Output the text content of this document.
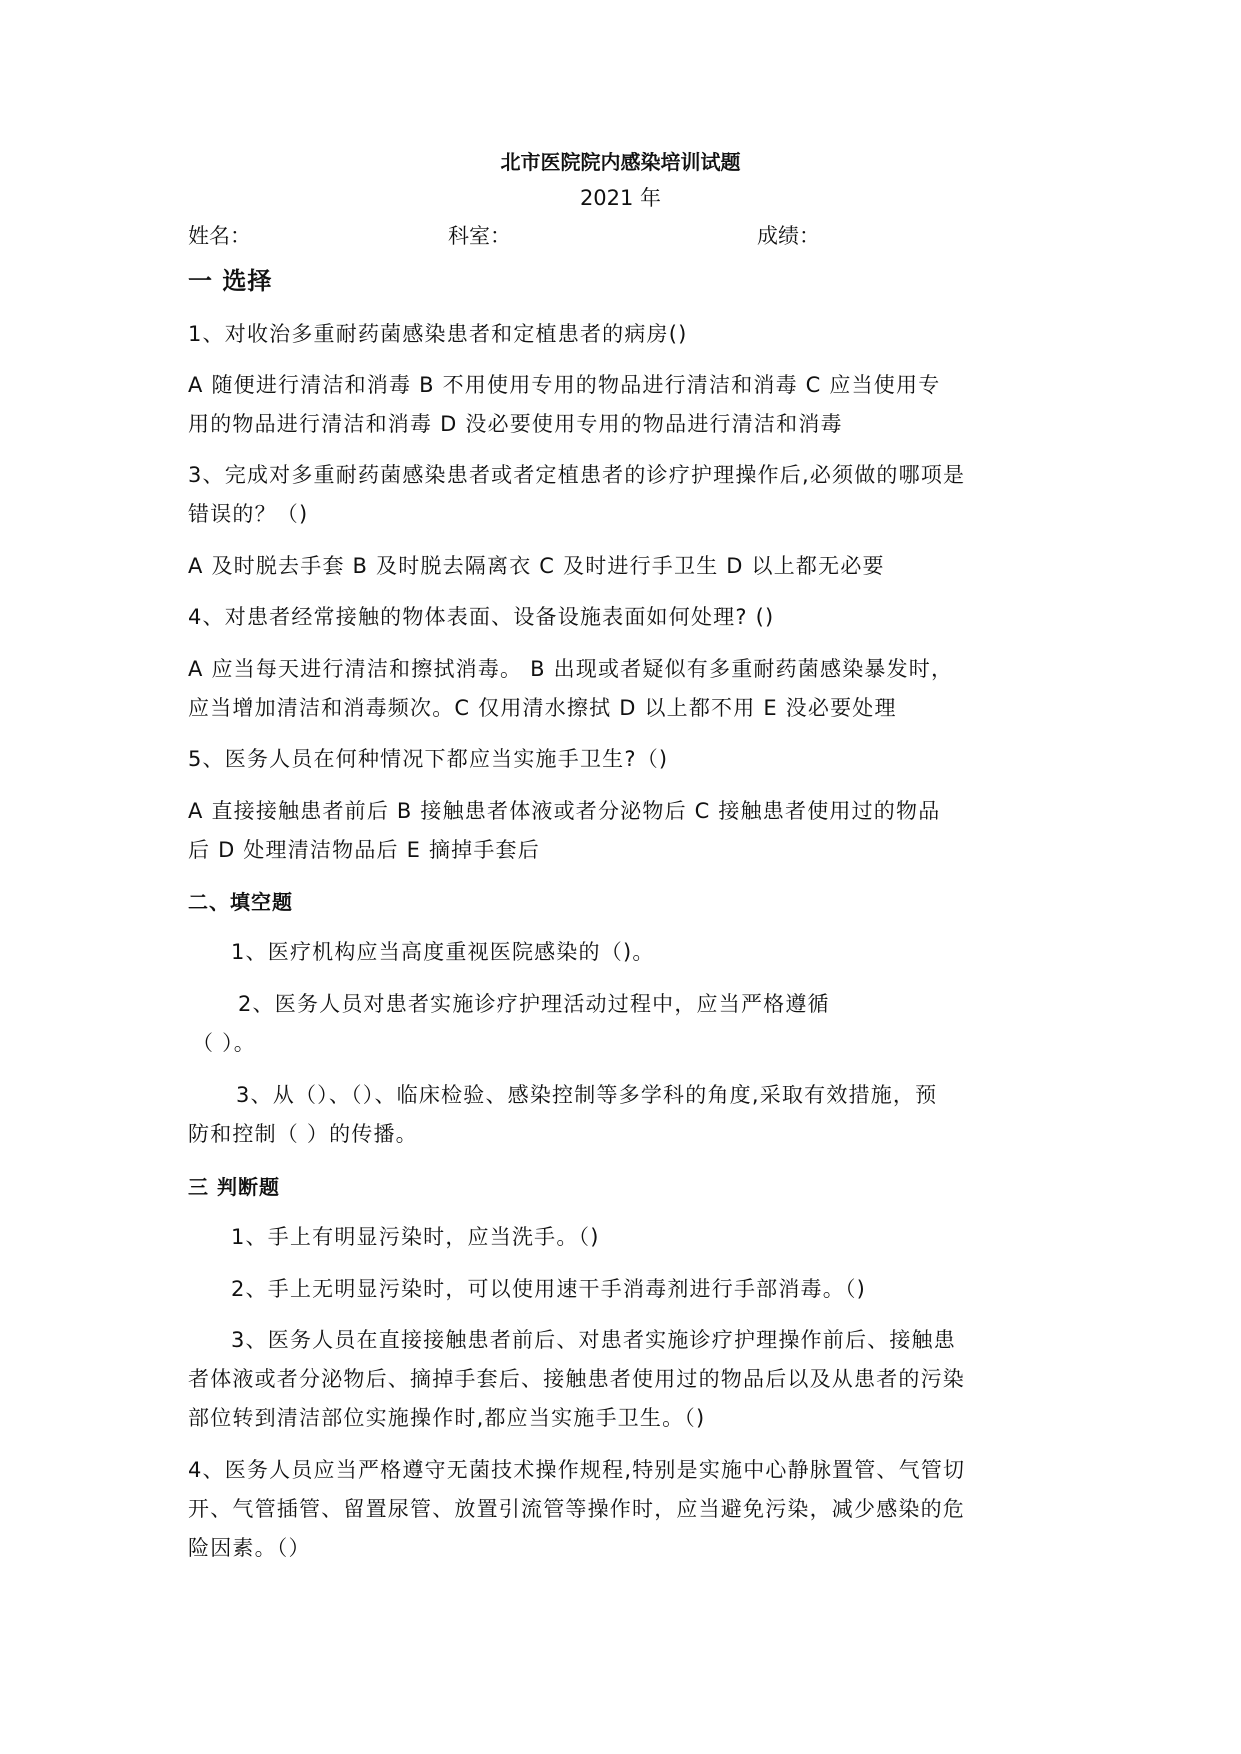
北市医院院内感染培训试题
2021 年
姓名：	科室：	成绩：
一 选择
1、对收治多重耐药菌感染患者和定植患者的病房()
A 随便进行清洁和消毒 B 不用使用专用的物品进行清洁和消毒 C 应当使用专
用的物品进行清洁和消毒 D 没必要使用专用的物品进行清洁和消毒
3、完成对多重耐药菌感染患者或者定植患者的诊疗护理操作后,必须做的哪项是
错误的？（)
A 及时脱去手套 B 及时脱去隔离衣 C 及时进行手卫生 D 以上都无必要
4、对患者经常接触的物体表面、设备设施表面如何处理? ()
A 应当每天进行清洁和擦拭消毒。 B 出现或者疑似有多重耐药菌感染暴发时，
应当增加清洁和消毒频次。C 仅用清水擦拭 D 以上都不用 E 没必要处理
5、医务人员在何种情况下都应当实施手卫生?（)
A 直接接触患者前后 B 接触患者体液或者分泌物后 C 接触患者使用过的物品
后 D 处理清洁物品后 E 摘掉手套后
二、填空题
1、医疗机构应当高度重视医院感染的（)。
2、医务人员对患者实施诊疗护理活动过程中，应当严格遵循
（ ）。
3、从（）、（）、临床检验、感染控制等多学科的角度,采取有效措施，预
防和控制（ ）的传播。
三 判断题
1、手上有明显污染时，应当洗手。（)
2、手上无明显污染时，可以使用速干手消毒剂进行手部消毒。（)
3、医务人员在直接接触患者前后、对患者实施诊疗护理操作前后、接触患
者体液或者分泌物后、摘掉手套后、接触患者使用过的物品后以及从患者的污染
部位转到清洁部位实施操作时,都应当实施手卫生。（)
4、医务人员应当严格遵守无菌技术操作规程,特别是实施中心静脉置管、气管切
开、气管插管、留置尿管、放置引流管等操作时，应当避免污染，减少感染的危
险因素。（）
